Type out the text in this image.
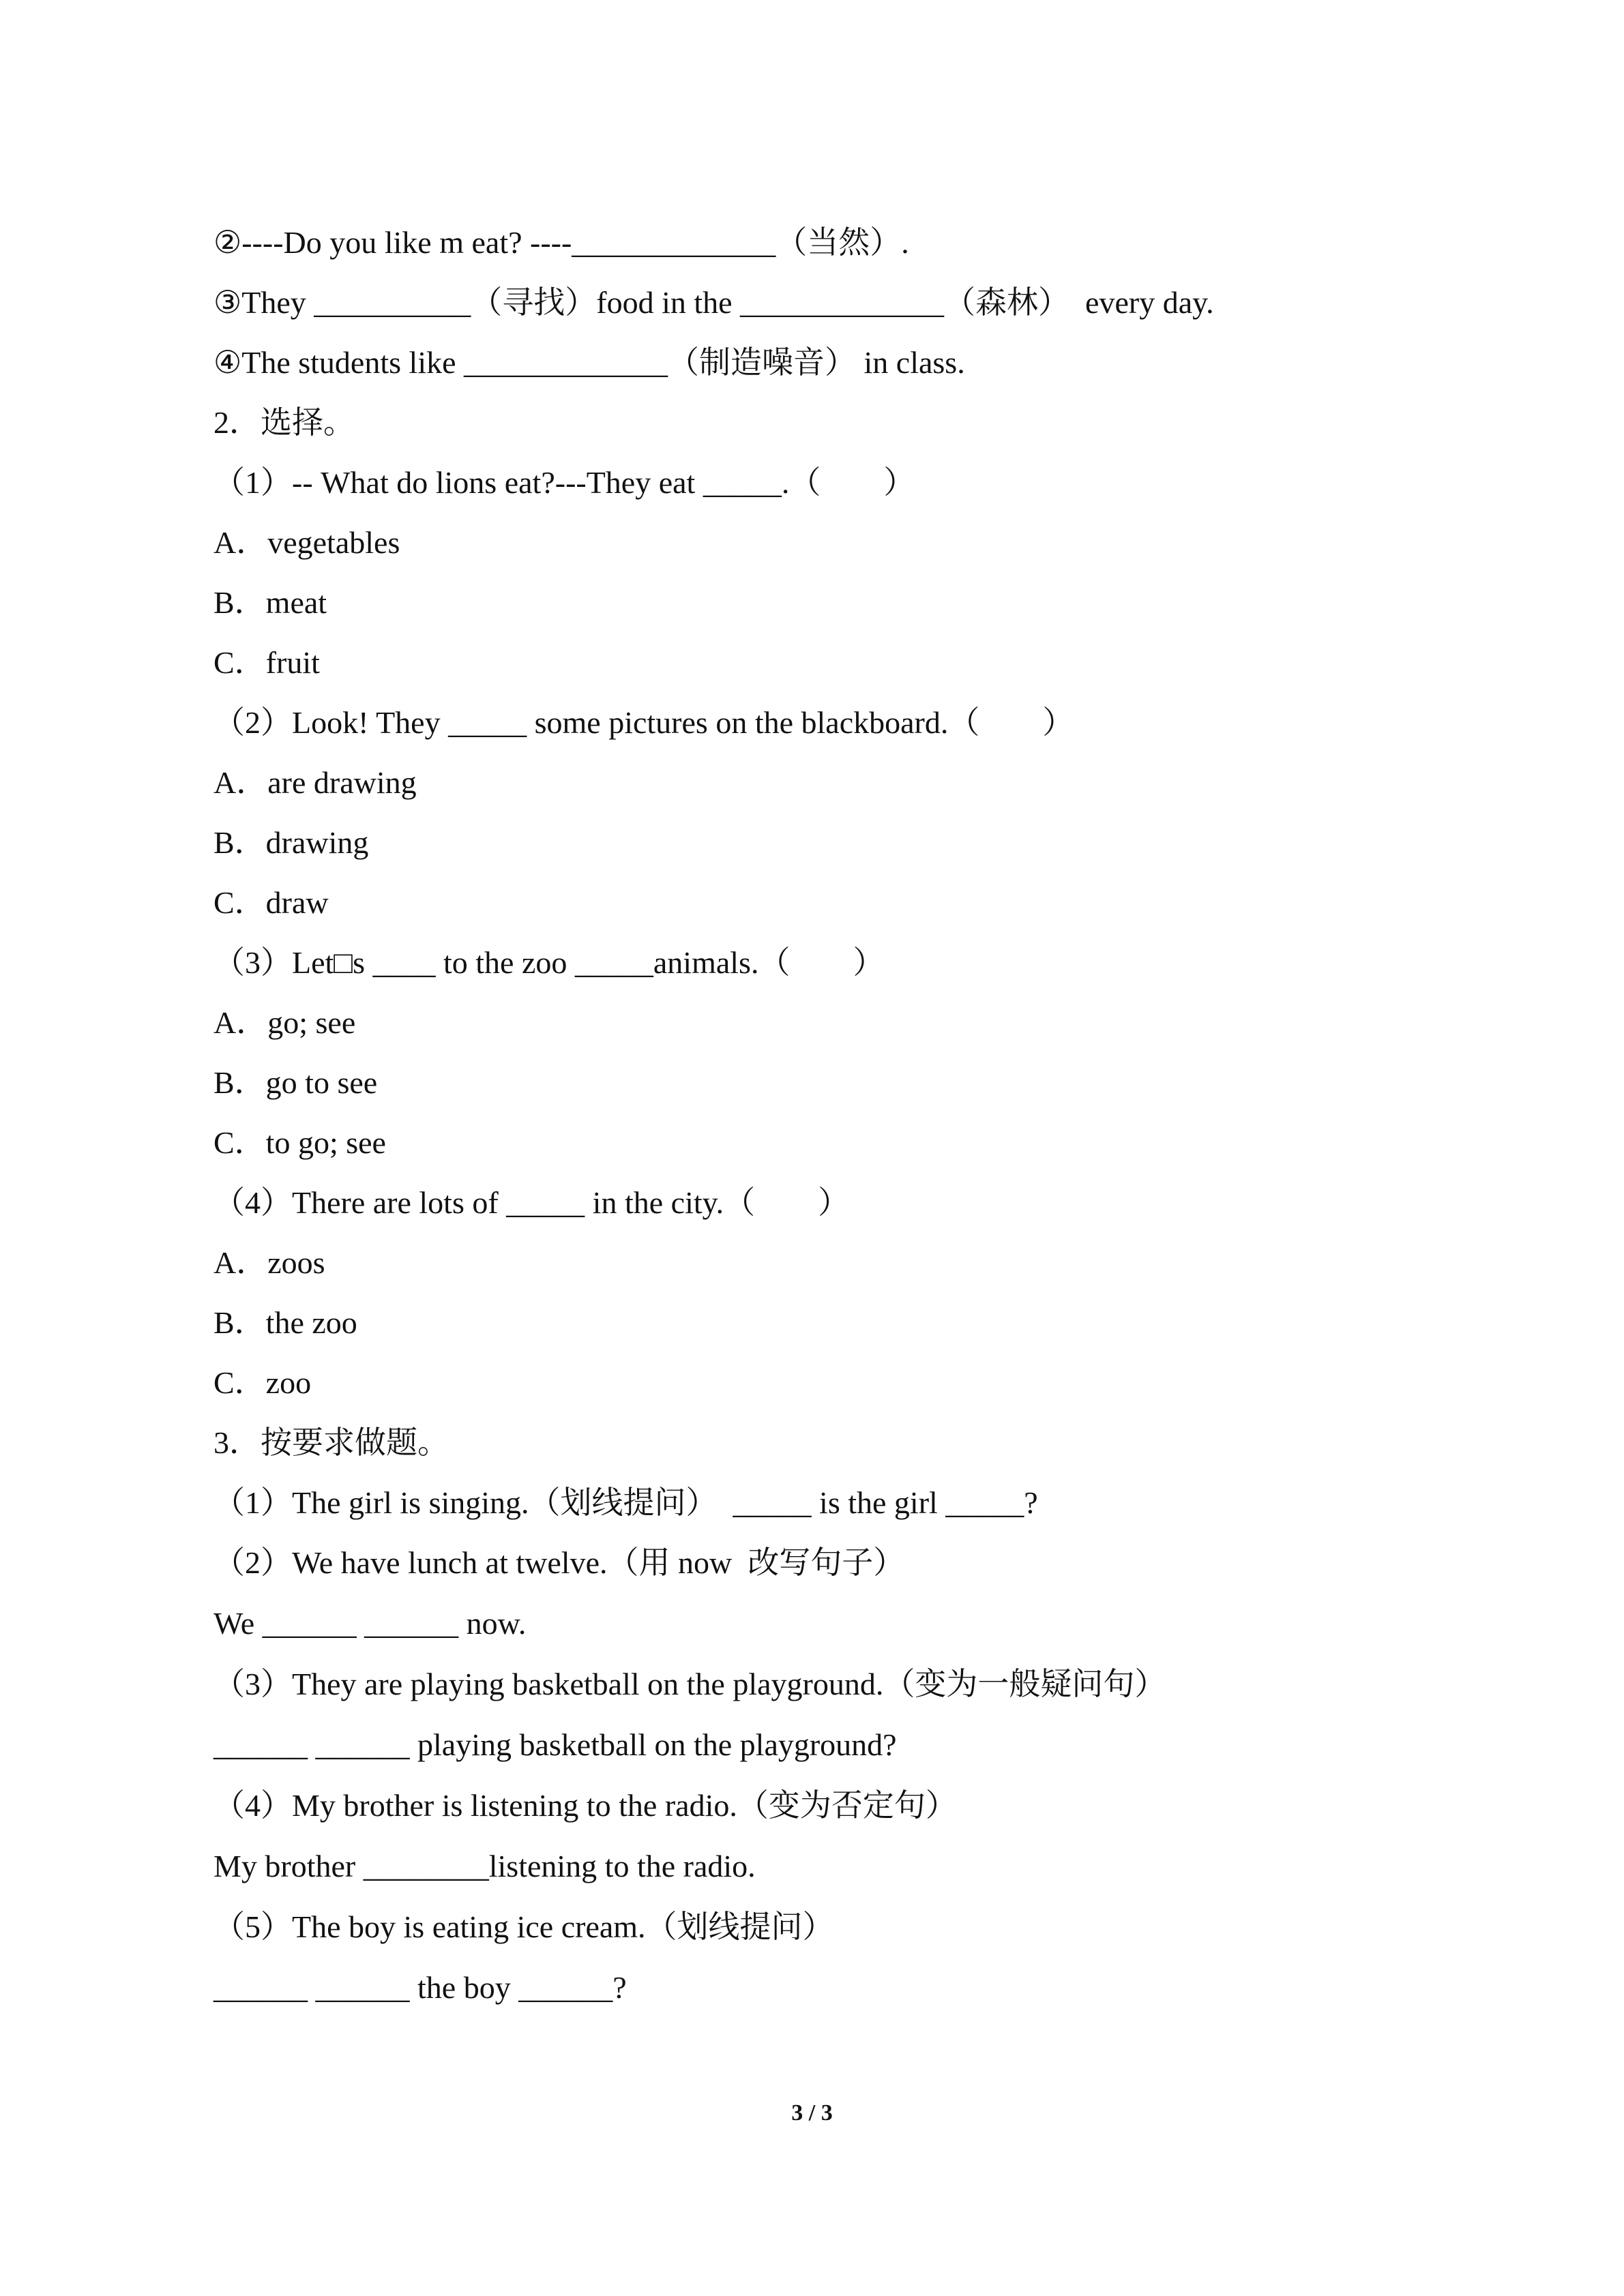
②----Do you like m eat? ----_____________（当然）.
③They __________（寻找）food in the _____________（森林）  every day.
④The students like _____________（制造噪音） in class.
2．选择。
（1）-- What do lions eat?---They eat _____.（　　）
A．vegetables
B．meat
C．fruit
（2）Look! They _____ some pictures on the blackboard.（　　）
A．are drawing
B．drawing
C．draw
（3）Let□s ____ to the zoo _____animals.（　　）
A．go; see
B．go to see
C．to go; see
（4）There are lots of _____ in the city.（　　）
A．zoos
B．the zoo
C．zoo
3．按要求做题。
（1）The girl is singing.（划线提问）  _____ is the girl _____?
（2）We have lunch at twelve.（用 now  改写句子）
We ______ ______ now.
（3）They are playing basketball on the playground.（变为一般疑问句）
______ ______ playing basketball on the playground?
（4）My brother is listening to the radio.（变为否定句）
My brother ________listening to the radio.
（5）The boy is eating ice cream.（划线提问）
______ ______ the boy ______?
3 / 3
